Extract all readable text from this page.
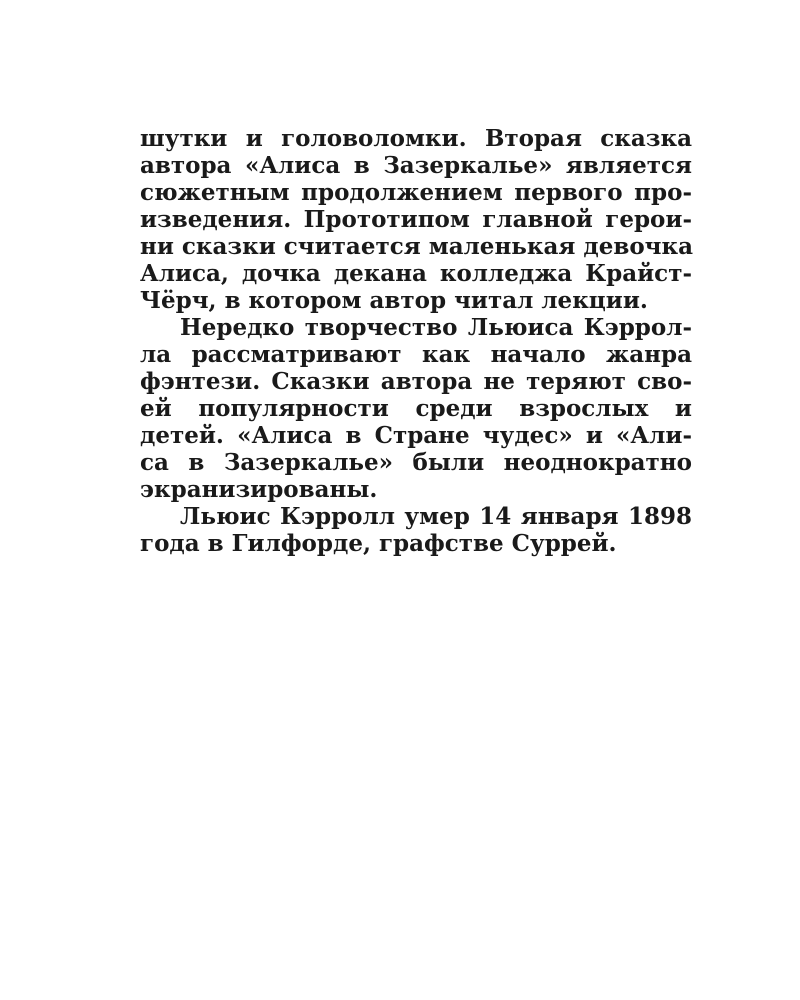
шутки и головоломки. Вторая сказка
автора «Алиса в Зазеркалье» является
сюжетным продолжением первого про-
изведения. Прототипом главной герои-
ни сказки считается маленькая девочка
Алиса, дочка декана колледжа Крайст-
Чёрч, в котором автор читал лекции.
Нередко творчество Льюиса Кэррол-
ла рассматривают как начало жанра
фэнтези. Сказки автора не теряют сво-
ей популярности среди взрослых и
детей. «Алиса в Стране чудес» и «Али-
са в Зазеркалье» были неоднократно
экранизированы.
Льюис Кэрролл умер 14 января 1898
года в Гилфорде, графстве Суррей.
